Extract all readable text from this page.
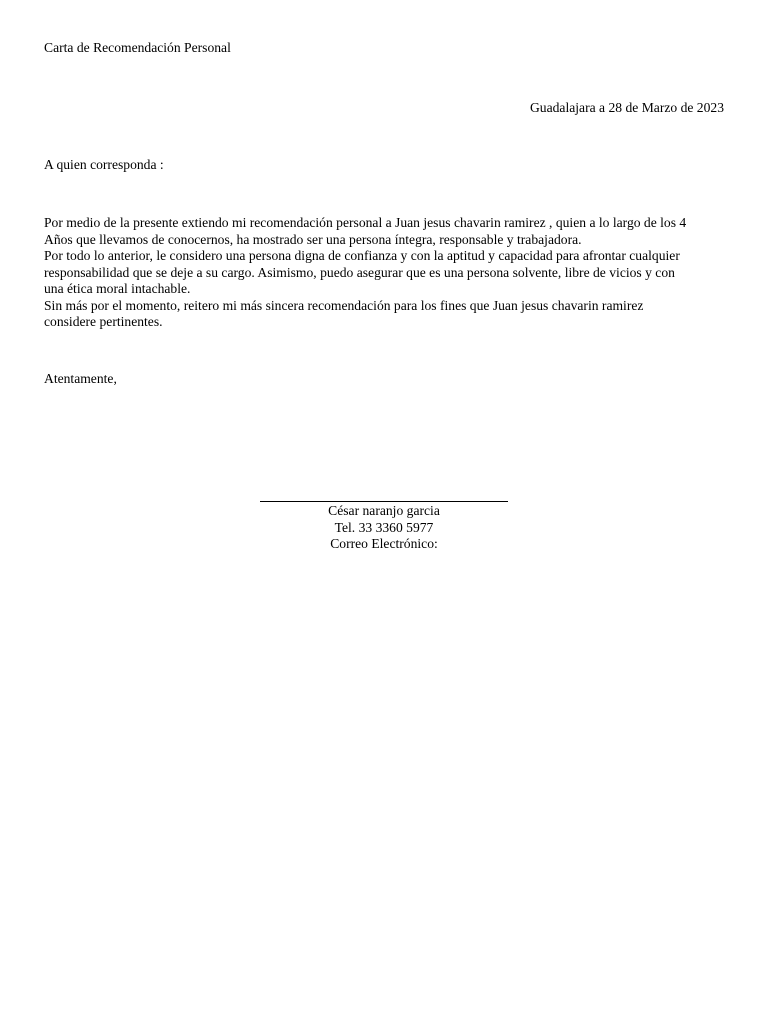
Carta de Recomendación Personal
Guadalajara a 28 de Marzo de 2023
A quien corresponda :
Por medio de la presente extiendo mi recomendación personal a Juan jesus chavarin ramirez , quien a lo largo de los 4
Años que llevamos de conocernos, ha mostrado ser una persona íntegra, responsable y trabajadora.
Por todo lo anterior, le considero una persona digna de confianza y con la aptitud y capacidad para afrontar cualquier
responsabilidad que se deje a su cargo. Asimismo, puedo asegurar que es una persona solvente, libre de vicios y con
una ética moral intachable.
Sin más por el momento, reitero mi más sincera recomendación para los fines que Juan jesus chavarin ramirez
considere pertinentes.
Atentamente,
César naranjo garcia
Tel. 33 3360 5977
Correo Electrónico:
